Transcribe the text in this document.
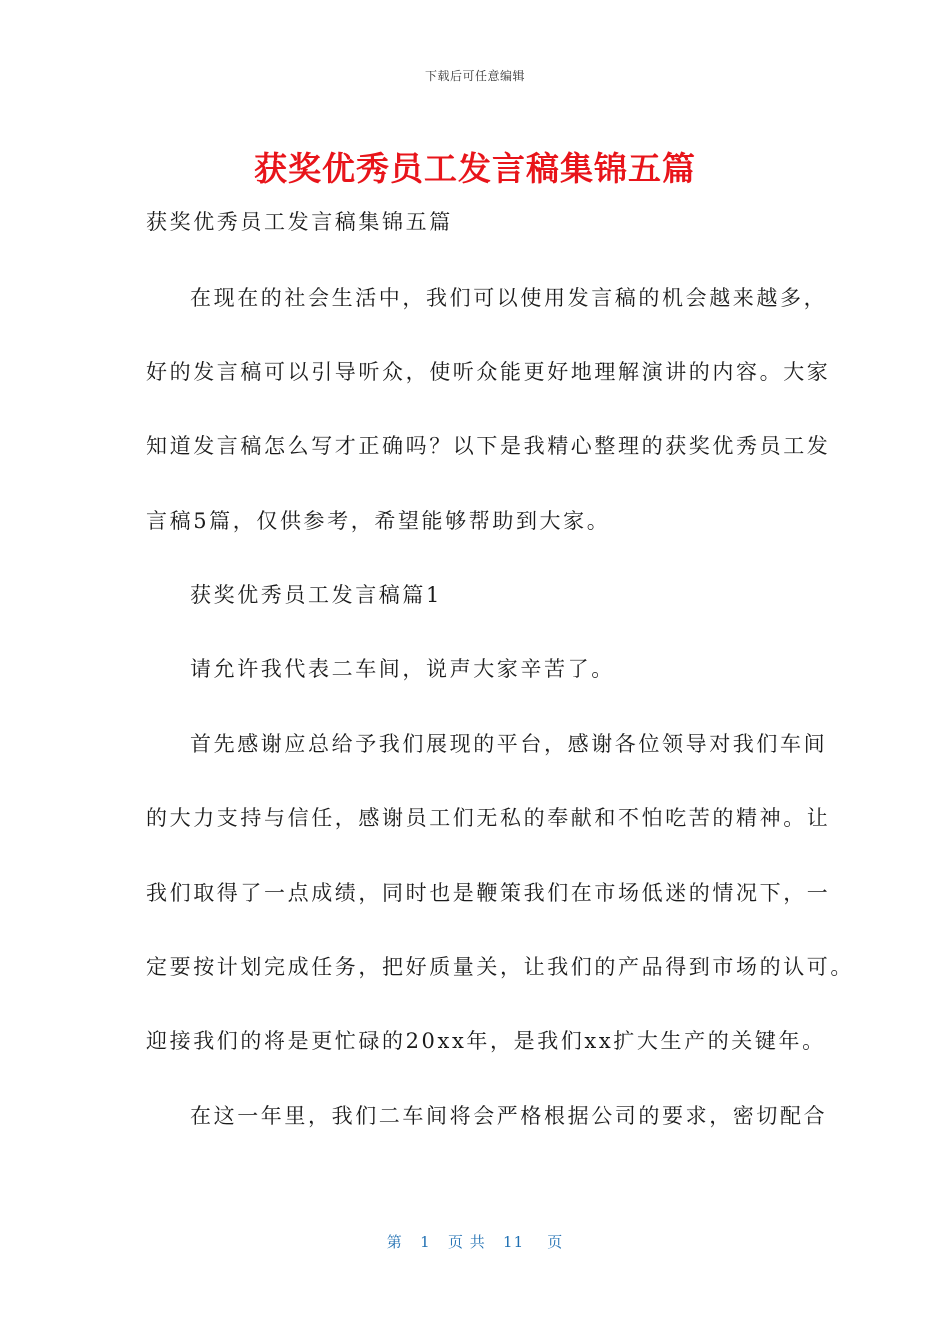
下载后可任意编辑
获奖优秀员工发言稿集锦五篇
获奖优秀员工发言稿集锦五篇
在现在的社会生活中，我们可以使用发言稿的机会越来越多，
好的发言稿可以引导听众，使听众能更好地理解演讲的内容。大家
知道发言稿怎么写才正确吗？以下是我精心整理的获奖优秀员工发
言稿5篇，仅供参考，希望能够帮助到大家。
获奖优秀员工发言稿篇1
请允许我代表二车间，说声大家辛苦了。
首先感谢应总给予我们展现的平台，感谢各位领导对我们车间
的大力支持与信任，感谢员工们无私的奉献和不怕吃苦的精神。让
我们取得了一点成绩，同时也是鞭策我们在市场低迷的情况下，一
定要按计划完成任务，把好质量关，让我们的产品得到市场的认可。
迎接我们的将是更忙碌的20xx年，是我们xx扩大生产的关键年。
在这一年里，我们二车间将会严格根据公司的要求，密切配合
第 1 页 共 11 页
